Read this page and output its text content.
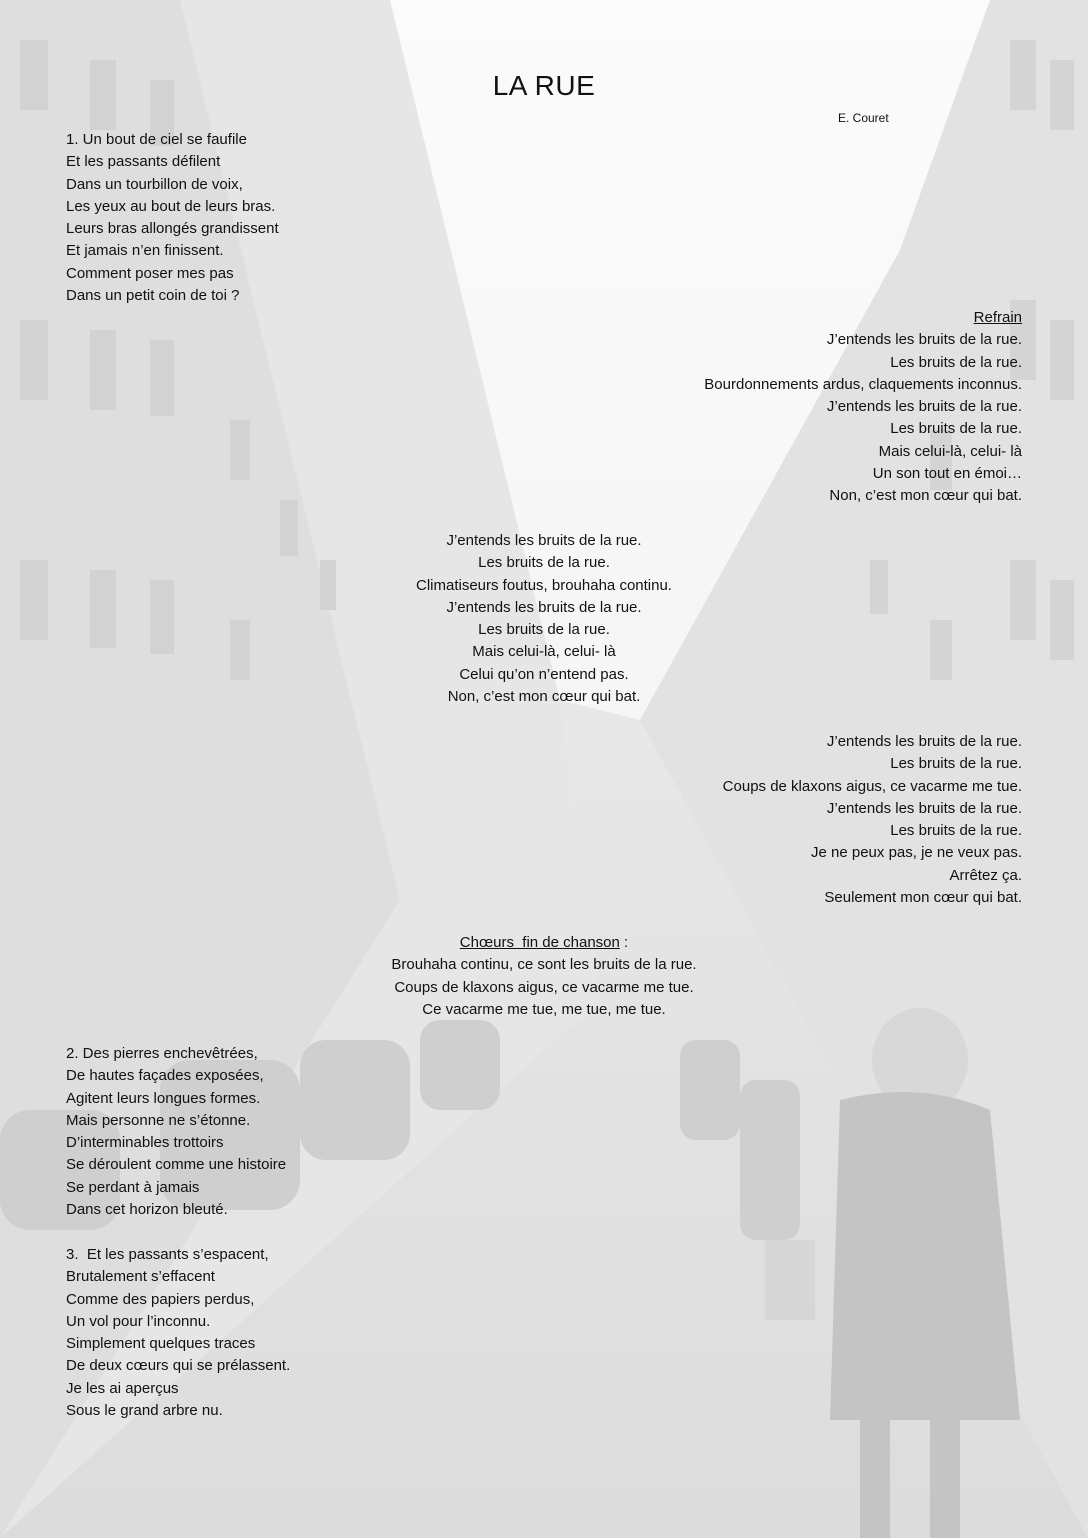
LA RUE
E. Couret
1. Un bout de ciel se faufile
Et les passants défilent
Dans un tourbillon de voix,
Les yeux au bout de leurs bras.
Leurs bras allongés grandissent
Et jamais n’en finissent.
Comment poser mes pas
Dans un petit coin de toi ?
Refrain
J’entends les bruits de la rue.
Les bruits de la rue.
Bourdonnements ardus, claquements inconnus.
J’entends les bruits de la rue.
Les bruits de la rue.
Mais celui-là, celui- là
Un son tout en émoi…
Non, c’est mon cœur qui bat.
J’entends les bruits de la rue.
Les bruits de la rue.
Climatiseurs foutus, brouhaha continu.
J’entends les bruits de la rue.
Les bruits de la rue.
Mais celui-là, celui- là
Celui qu’on n’entend pas.
Non, c’est mon cœur qui bat.
J’entends les bruits de la rue.
Les bruits de la rue.
Coups de klaxons aigus, ce vacarme me tue.
J’entends les bruits de la rue.
Les bruits de la rue.
Je ne peux pas, je ne veux pas.
Arrêtez ça.
Seulement mon cœur qui bat.
Chœurs  fin de chanson :
Brouhaha continu, ce sont les bruits de la rue.
Coups de klaxons aigus, ce vacarme me tue.
Ce vacarme me tue, me tue, me tue.
2. Des pierres enchevêtrées,
De hautes façades exposées,
Agitent leurs longues formes.
Mais personne ne s’étonne.
D’interminables trottoirs
Se déroulent comme une histoire
Se perdant à jamais
Dans cet horizon bleuté.
3.  Et les passants s’espacent,
Brutalement s’effacent
Comme des papiers perdus,
Un vol pour l’inconnu.
Simplement quelques traces
De deux cœurs qui se prélassent.
Je les ai aperçus
Sous le grand arbre nu.
